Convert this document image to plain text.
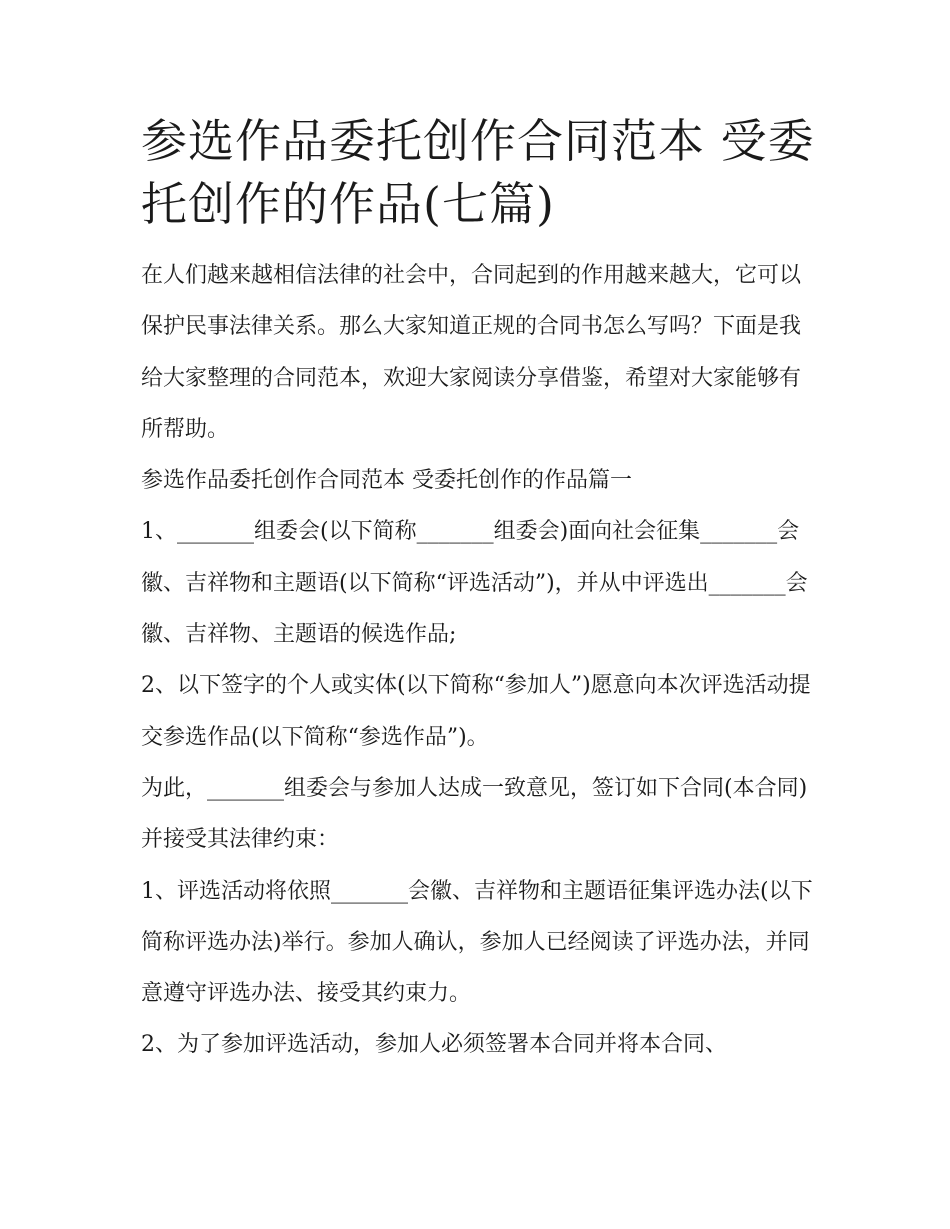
参选作品委托创作合同范本 受委托创作的作品(七篇)

在人们越来越相信法律的社会中，合同起到的作用越来越大，它可以保护民事法律关系。那么大家知道正规的合同书怎么写吗？下面是我给大家整理的合同范本，欢迎大家阅读分享借鉴，希望对大家能够有所帮助。

参选作品委托创作合同范本 受委托创作的作品篇一

1、_______组委会(以下简称_______组委会)面向社会征集_______会徽、吉祥物和主题语(以下简称“评选活动”)，并从中评选出_______会徽、吉祥物、主题语的候选作品;

2、以下签字的个人或实体(以下简称“参加人”)愿意向本次评选活动提交参选作品(以下简称“参选作品”)。

为此，_______组委会与参加人达成一致意见，签订如下合同(本合同)并接受其法律约束：

1、评选活动将依照_______会徽、吉祥物和主题语征集评选办法(以下简称评选办法)举行。参加人确认，参加人已经阅读了评选办法，并同意遵守评选办法、接受其约束力。

2、为了参加评选活动，参加人必须签署本合同并将本合同、
